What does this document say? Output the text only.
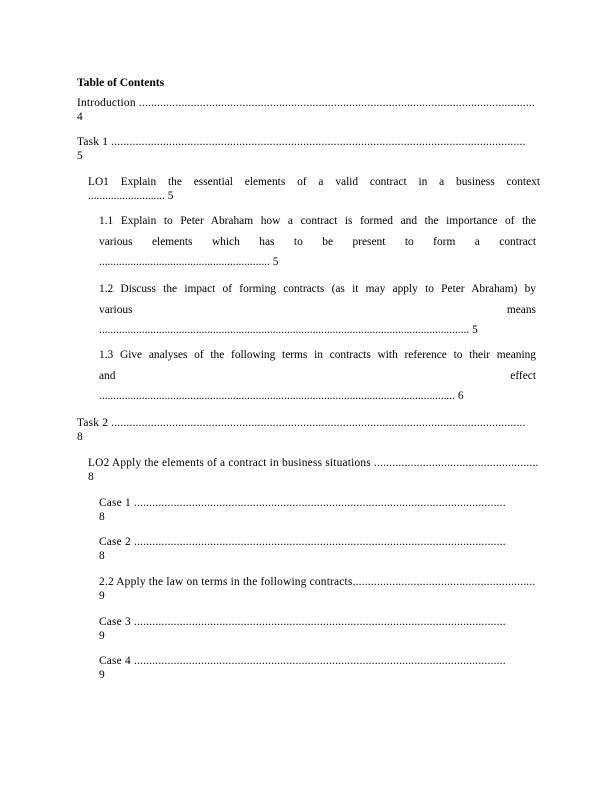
Table of Contents

Introduction ..................................................................................................................................
4
Task 1 ........................................................................................................................................
5
LO1 Explain the essential elements of a valid contract in a business context
........................... 5
1.1 Explain to Peter Abraham how a contract is formed and the importance of the
various elements which has to be present to form a contract
............................................................ 5
1.2 Discuss the impact of forming contracts (as it may apply to Peter Abraham) by
various	means
.................................................................................................................................. 5
1.3 Give analyses of the following terms in contracts with reference to their meaning
and	effect
............................................................................................................................. 6
Task 2 ........................................................................................................................................
8
LO2 Apply the elements of a contract in business situations ......................................................
8
Case 1 ..........................................................................................................................
8
Case 2 ..........................................................................................................................
8
2.2 Apply the law on terms in the following contracts............................................................
9
Case 3 ..........................................................................................................................
9
Case 4 ..........................................................................................................................
9
